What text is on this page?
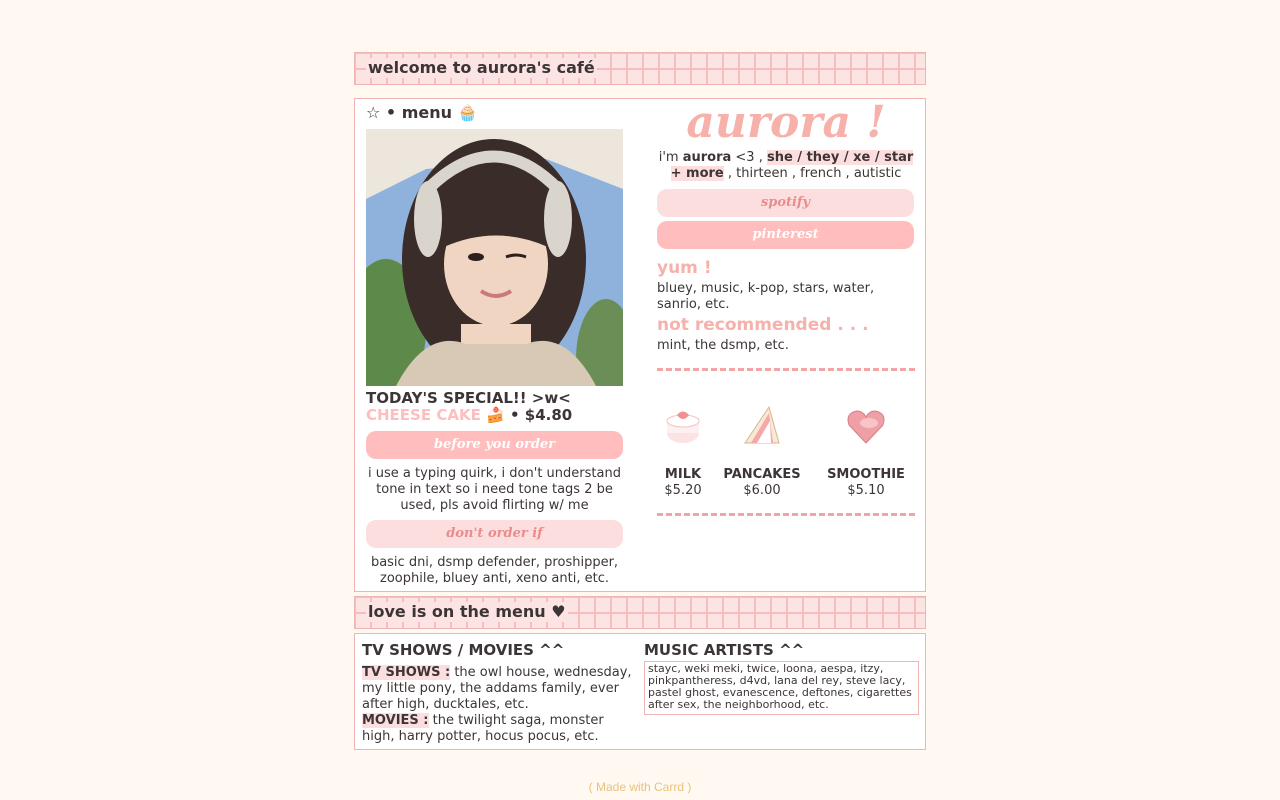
welcome to aurora's café
☆ • menu 🧁
TODAY'S SPECIAL!! >w<
CHEESE CAKE 🍰 • $4.80
before you order
i use a typing quirk, i don't understand tone in text so i need tone tags 2 be used, pls avoid flirting w/ me
don't order if
basic dni, dsmp defender, proshipper, zoophile, bluey anti, xeno anti, etc.
aurora !
i'm aurora <3 , she / they / xe / star + more , thirteen , french , autistic
spotify
pinterest
yum !
bluey, music, k-pop, stars, water, sanrio, etc.
not recommended . . .
mint, the dsmp, etc.
MILK
$5.20
PANCAKES
$6.00
SMOOTHIE
$5.10
love is on the menu ♥
TV SHOWS / MOVIES ^^
TV SHOWS : the owl house, wednesday, my little pony, the addams family, ever after high, ducktales, etc.
MOVIES : the twilight saga, monster high, harry potter, hocus pocus, etc.
MUSIC ARTISTS ^^
stayc, weki meki, twice, loona, aespa, itzy, pinkpantheress, d4vd, lana del rey, steve lacy, pastel ghost, evanescence, deftones, cigarettes after sex, the neighborhood, etc.
( Made with Carrd )
